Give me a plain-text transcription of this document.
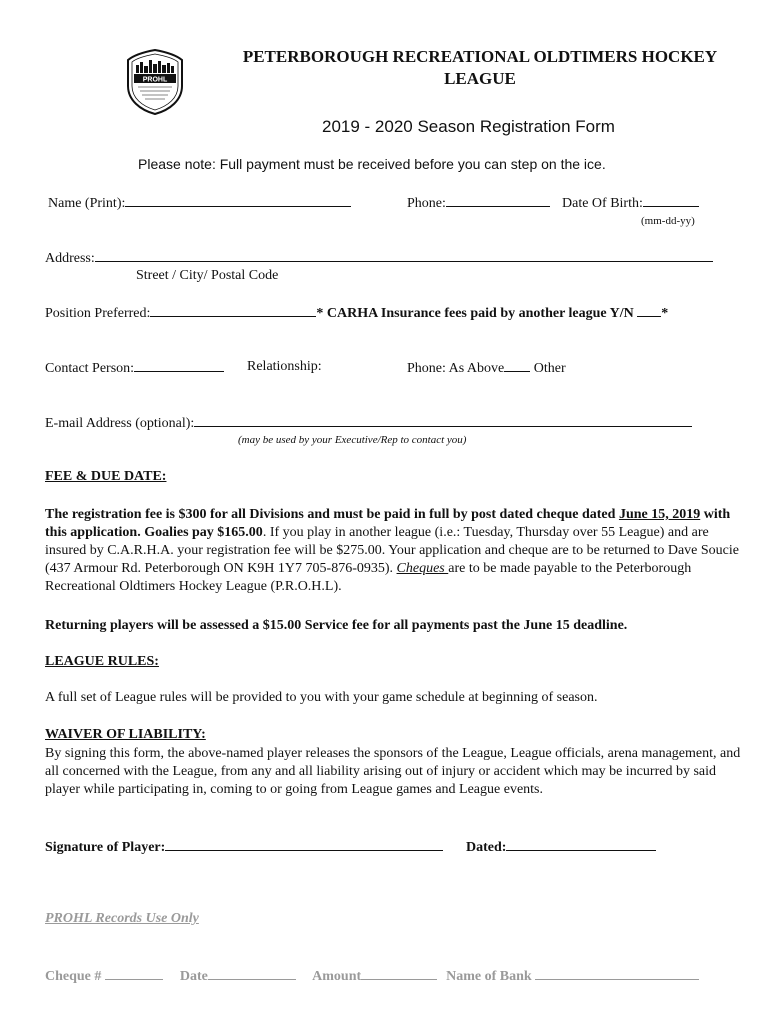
PROHL
PETERBOROUGH RECREATIONAL OLDTIMERS HOCKEY
LEAGUE
2019 - 2020 Season Registration Form
Please note: Full payment must be received before you can step on the ice.
Name (Print):	Phone:	Date Of Birth:
(mm-dd-yy)
Address:
Street / City/ Postal Code
Position Preferred:	* CARHA Insurance fees paid by another league Y/N *
Contact Person:	Relationship:	Phone: As Above Other
E-mail Address (optional):
(may be used by your Executive/Rep to contact you)
FEE & DUE DATE:
The registration fee is $300 for all Divisions and must be paid in full by post dated cheque dated June 15, 2019 with this application. Goalies pay $165.00. If you play in another league (i.e.: Tuesday, Thursday over 55 League) and are insured by C.A.R.H.A. your registration fee will be $275.00. Your application and cheque are to be returned to Dave Soucie (437 Armour Rd. Peterborough ON K9H 1Y7 705-876-0935). Cheques are to be made payable to the Peterborough Recreational Oldtimers Hockey League (P.R.O.H.L).
Returning players will be assessed a $15.00 Service fee for all payments past the June 15 deadline.
LEAGUE RULES:
A full set of League rules will be provided to you with your game schedule at beginning of season.
WAIVER OF LIABILITY:
By signing this form, the above-named player releases the sponsors of the League, League officials, arena management, and all concerned with the League, from any and all liability arising out of injury or accident which may be incurred by said player while participating in, coming to or going from League games and League events.
Signature of Player:	Dated:
PROHL Records Use Only
Cheque #	Date	Amount	Name of Bank
